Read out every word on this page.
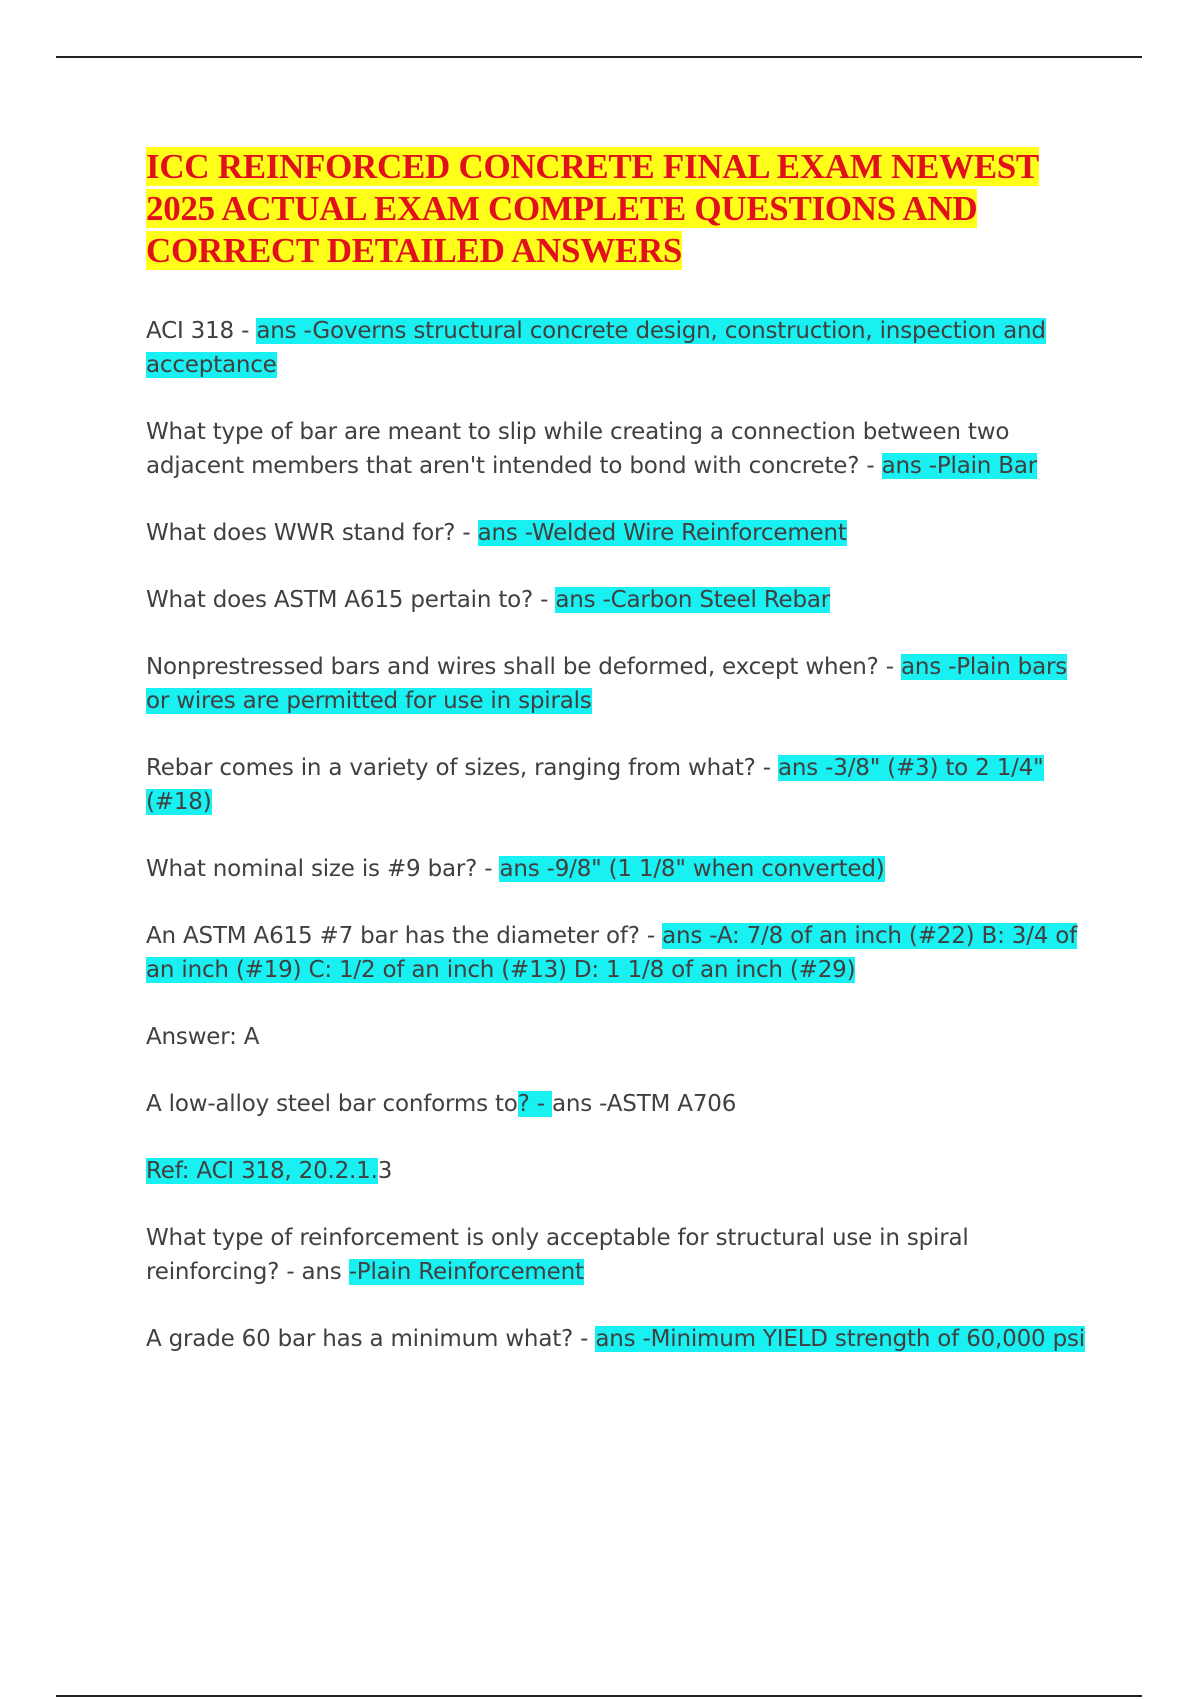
ICC REINFORCED CONCRETE FINAL EXAM NEWEST 2025 ACTUAL EXAM COMPLETE QUESTIONS AND CORRECT DETAILED ANSWERS

ACI 318 - ans -Governs structural concrete design, construction, inspection and acceptance

What type of bar are meant to slip while creating a connection between two adjacent members that aren't intended to bond with concrete? - ans -Plain Bar

What does WWR stand for? - ans -Welded Wire Reinforcement

What does ASTM A615 pertain to? - ans -Carbon Steel Rebar

Nonprestressed bars and wires shall be deformed, except when? - ans -Plain bars or wires are permitted for use in spirals

Rebar comes in a variety of sizes, ranging from what? - ans -3/8" (#3) to 2 1/4" (#18)

What nominal size is #9 bar? - ans -9/8" (1 1/8" when converted)

An ASTM A615 #7 bar has the diameter of? - ans -A: 7/8 of an inch (#22) B: 3/4 of an inch (#19) C: 1/2 of an inch (#13) D: 1 1/8 of an inch (#29)

Answer: A

A low-alloy steel bar conforms to? - ans -ASTM A706

Ref: ACI 318, 20.2.1.3

What type of reinforcement is only acceptable for structural use in spiral reinforcing? - ans -Plain Reinforcement

A grade 60 bar has a minimum what? - ans -Minimum YIELD strength of 60,000 psi
